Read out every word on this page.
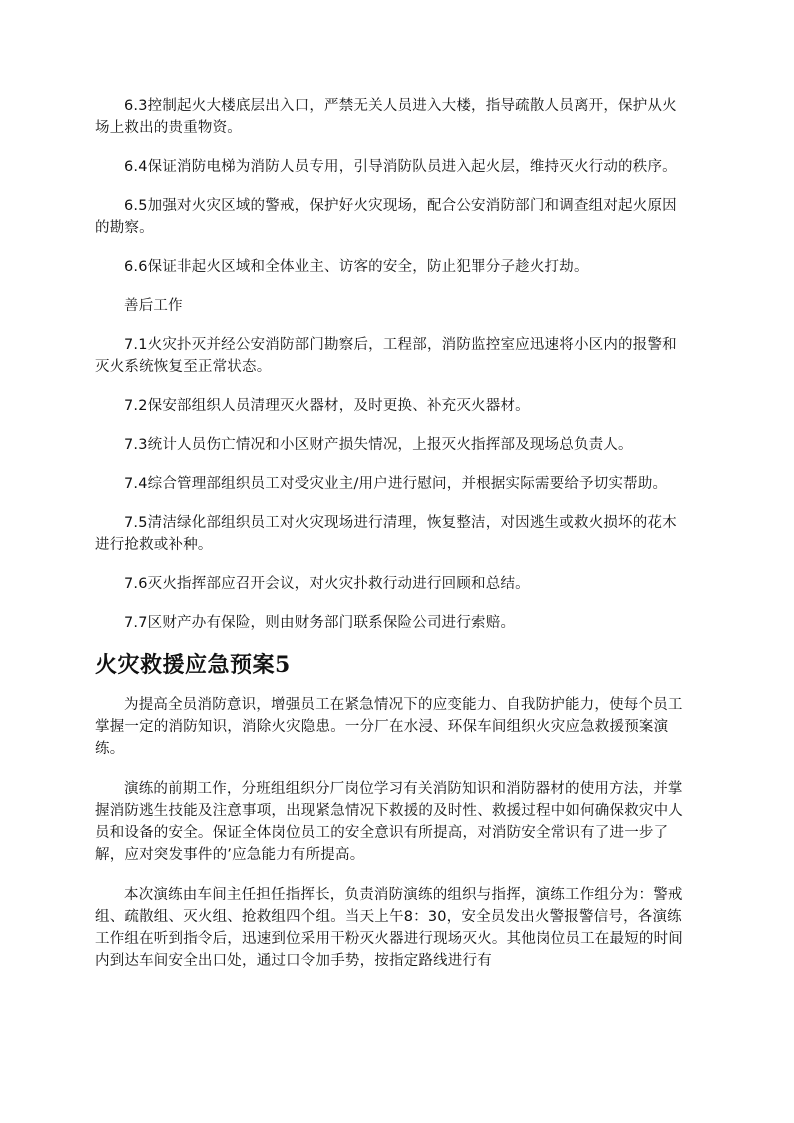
6.3控制起火大楼底层出入口，严禁无关人员进入大楼，指导疏散人员离开，保护从火场上救出的贵重物资。

6.4保证消防电梯为消防人员专用，引导消防队员进入起火层，维持灭火行动的秩序。

6.5加强对火灾区域的警戒，保护好火灾现场，配合公安消防部门和调查组对起火原因的勘察。

6.6保证非起火区域和全体业主、访客的安全，防止犯罪分子趁火打劫。

善后工作

7.1火灾扑灭并经公安消防部门勘察后，工程部，消防监控室应迅速将小区内的报警和灭火系统恢复至正常状态。

7.2保安部组织人员清理灭火器材，及时更换、补充灭火器材。

7.3统计人员伤亡情况和小区财产损失情况，上报灭火指挥部及现场总负责人。

7.4综合管理部组织员工对受灾业主/用户进行慰问，并根据实际需要给予切实帮助。

7.5清洁绿化部组织员工对火灾现场进行清理，恢复整洁，对因逃生或救火损坏的花木进行抢救或补种。

7.6灭火指挥部应召开会议，对火灾扑救行动进行回顾和总结。

7.7区财产办有保险，则由财务部门联系保险公司进行索赔。

火灾救援应急预案5

为提高全员消防意识，增强员工在紧急情况下的应变能力、自我防护能力，使每个员工掌握一定的消防知识，消除火灾隐患。一分厂在水浸、环保车间组织火灾应急救援预案演练。

演练的前期工作，分班组组织分厂岗位学习有关消防知识和消防器材的使用方法，并掌握消防逃生技能及注意事项，出现紧急情况下救援的及时性、救援过程中如何确保救灾中人员和设备的安全。保证全体岗位员工的安全意识有所提高，对消防安全常识有了进一步了解，应对突发事件的’应急能力有所提高。

本次演练由车间主任担任指挥长，负责消防演练的组织与指挥，演练工作组分为：警戒组、疏散组、灭火组、抢救组四个组。当天上午8：30，安全员发出火警报警信号，各演练工作组在听到指令后，迅速到位采用干粉灭火器进行现场灭火。其他岗位员工在最短的时间内到达车间安全出口处，通过口令加手势，按指定路线进行有
